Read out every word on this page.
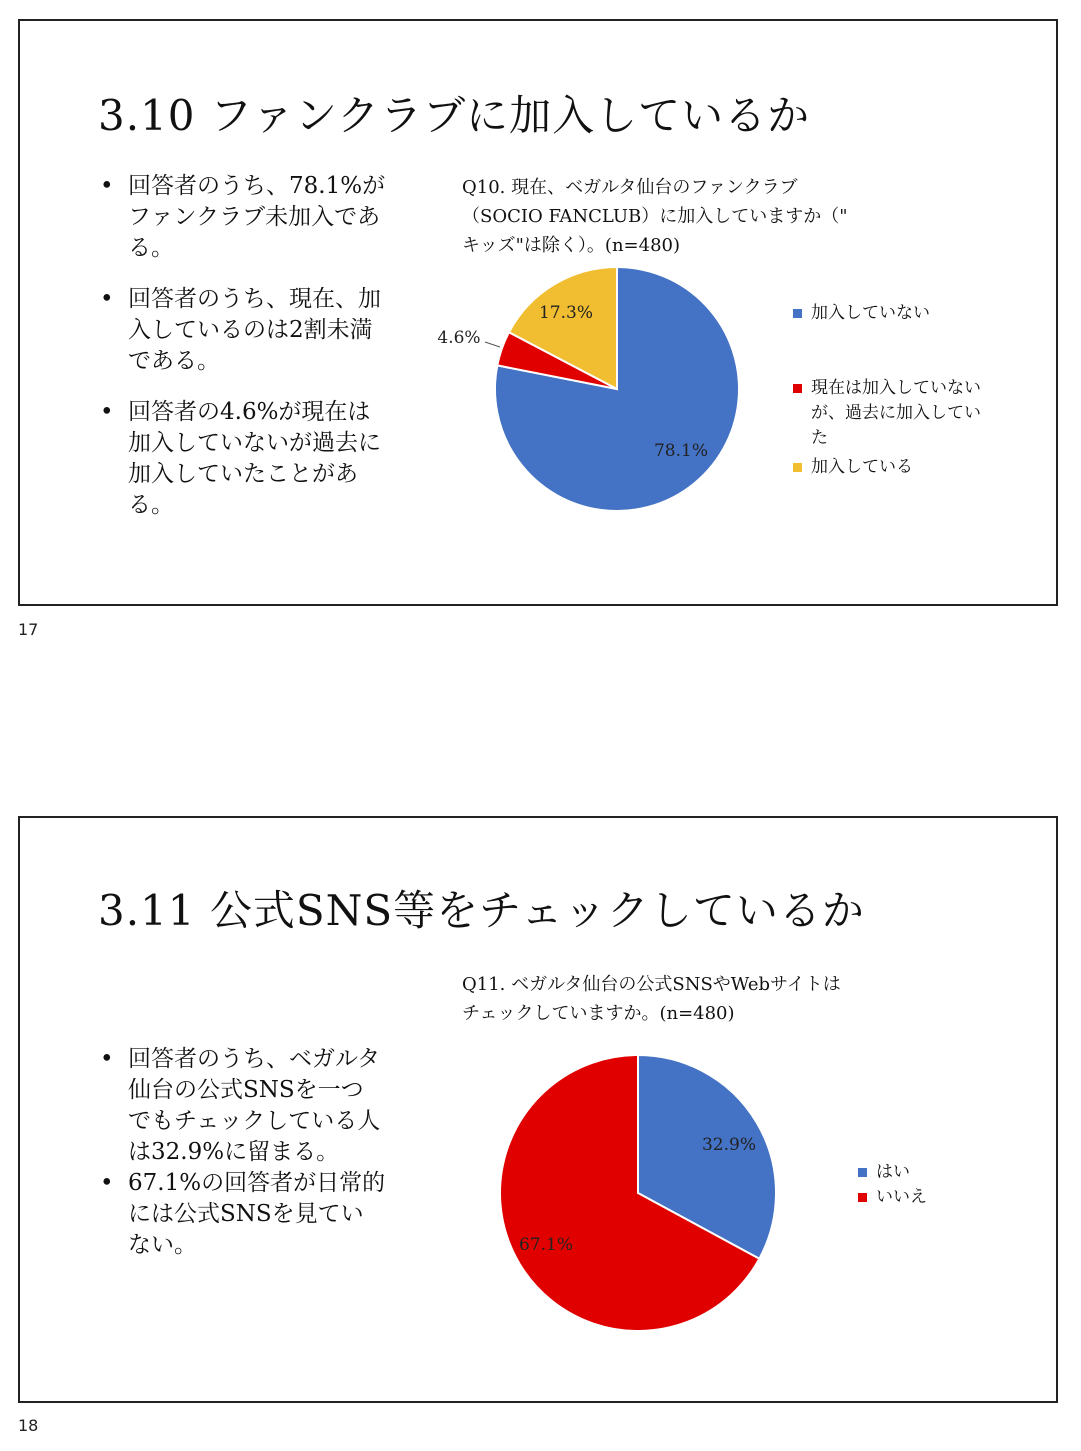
3.10 ファンクラブに加入しているか
• 回答者のうち、78.1%がファンクラブ未加入である。
• 回答者のうち、現在、加入しているのは2割未満である。
• 回答者の4.6%が現在は加入していないが過去に加入していたことがある。
Q10. 現在、ベガルタ仙台のファンクラブ
（SOCIO FANCLUB）に加入していますか（"
キッズ"は除く）。(n=480)
78.1%
4.6%
17.3%	加入していない
現在は加入していないが、過去に加入していた
加入している
17
3.11 公式SNS等をチェックしているか
Q11. ベガルタ仙台の公式SNSやWebサイトは
チェックしていますか。(n=480)
• 回答者のうち、ベガルタ仙台の公式SNSを一つでもチェックしている人は32.9%に留まる。
• 67.1%の回答者が日常的には公式SNSを見ていない。
32.9%
67.1%
はい
いいえ
18
